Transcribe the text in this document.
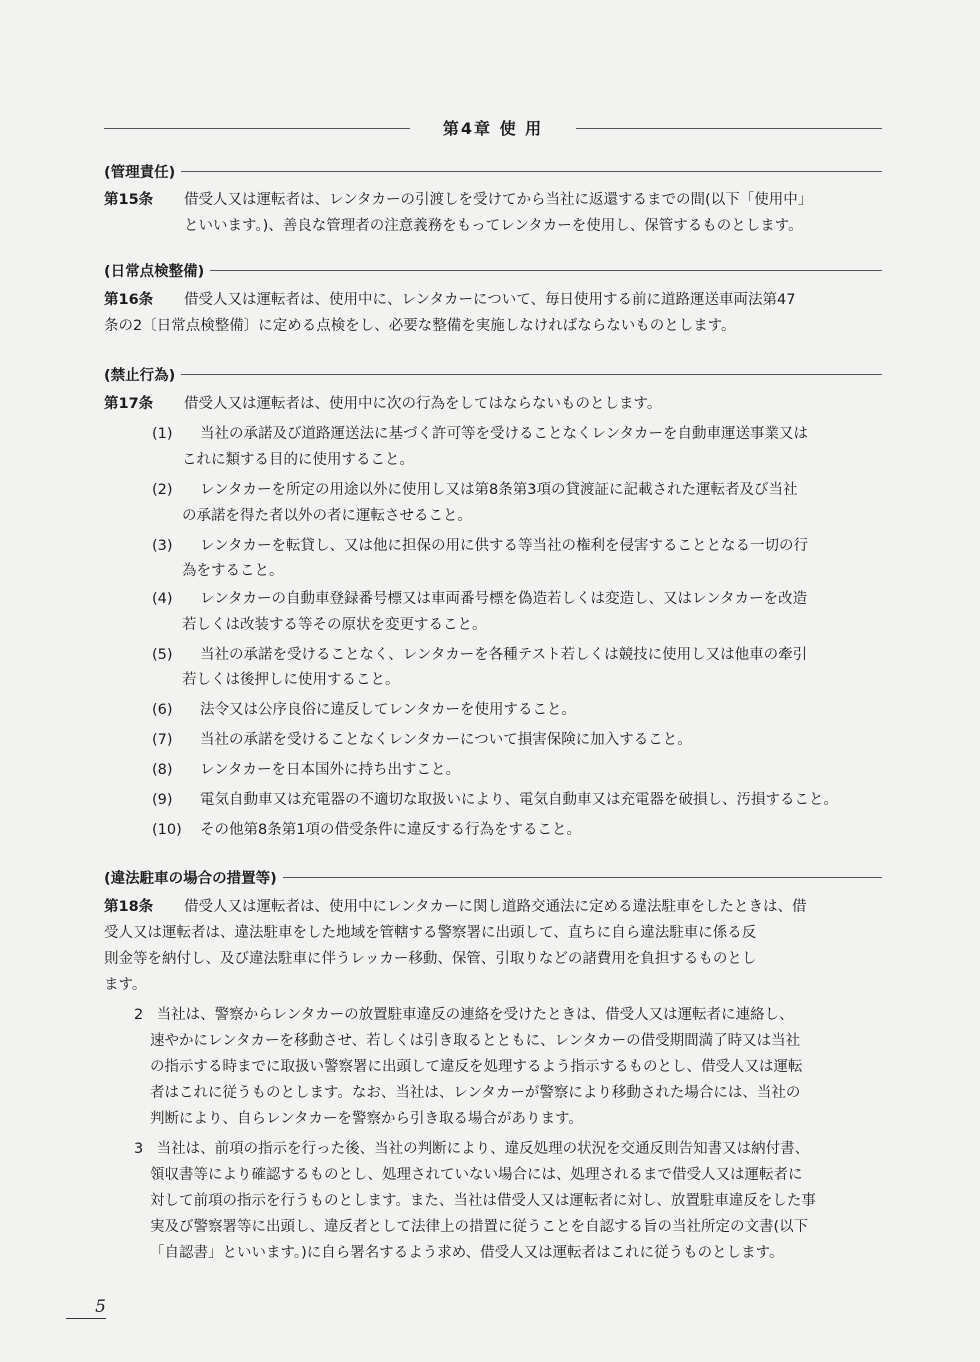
第4章 使 用
(管理責任)
第15条 借受人又は運転者は、レンタカーの引渡しを受けてから当社に返還するまでの間(以下「使用中」
といいます。)、善良な管理者の注意義務をもってレンタカーを使用し、保管するものとします。
(日常点検整備)
第16条 借受人又は運転者は、使用中に、レンタカーについて、毎日使用する前に道路運送車両法第47
条の2〔日常点検整備〕に定める点検をし、必要な整備を実施しなければならないものとします。
(禁止行為)
第17条 借受人又は運転者は、使用中に次の行為をしてはならないものとします。
(1) 当社の承諾及び道路運送法に基づく許可等を受けることなくレンタカーを自動車運送事業又は
これに類する目的に使用すること。
(2) レンタカーを所定の用途以外に使用し又は第8条第3項の貸渡証に記載された運転者及び当社
の承諾を得た者以外の者に運転させること。
(3) レンタカーを転貸し、又は他に担保の用に供する等当社の権利を侵害することとなる一切の行
為をすること。
(4) レンタカーの自動車登録番号標又は車両番号標を偽造若しくは変造し、又はレンタカーを改造
若しくは改装する等その原状を変更すること。
(5) 当社の承諾を受けることなく、レンタカーを各種テスト若しくは競技に使用し又は他車の牽引
若しくは後押しに使用すること。
(6) 法令又は公序良俗に違反してレンタカーを使用すること。
(7) 当社の承諾を受けることなくレンタカーについて損害保険に加入すること。
(8) レンタカーを日本国外に持ち出すこと。
(9) 電気自動車又は充電器の不適切な取扱いにより、電気自動車又は充電器を破損し、汚損すること。
(10) その他第8条第1項の借受条件に違反する行為をすること。
(違法駐車の場合の措置等)
第18条 借受人又は運転者は、使用中にレンタカーに関し道路交通法に定める違法駐車をしたときは、借
受人又は運転者は、違法駐車をした地域を管轄する警察署に出頭して、直ちに自ら違法駐車に係る反
則金等を納付し、及び違法駐車に伴うレッカー移動、保管、引取りなどの諸費用を負担するものとし
ます。
2 当社は、警察からレンタカーの放置駐車違反の連絡を受けたときは、借受人又は運転者に連絡し、
速やかにレンタカーを移動させ、若しくは引き取るとともに、レンタカーの借受期間満了時又は当社
の指示する時までに取扱い警察署に出頭して違反を処理するよう指示するものとし、借受人又は運転
者はこれに従うものとします。なお、当社は、レンタカーが警察により移動された場合には、当社の
判断により、自らレンタカーを警察から引き取る場合があります。
3 当社は、前項の指示を行った後、当社の判断により、違反処理の状況を交通反則告知書又は納付書、
領収書等により確認するものとし、処理されていない場合には、処理されるまで借受人又は運転者に
対して前項の指示を行うものとします。また、当社は借受人又は運転者に対し、放置駐車違反をした事
実及び警察署等に出頭し、違反者として法律上の措置に従うことを自認する旨の当社所定の文書(以下
「自認書」といいます。)に自ら署名するよう求め、借受人又は運転者はこれに従うものとします。
5
